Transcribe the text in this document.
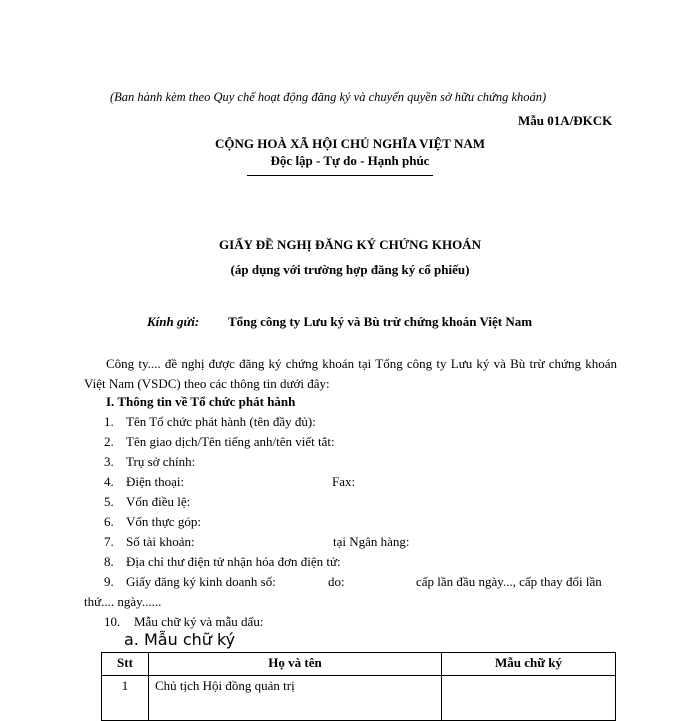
(Ban hành kèm theo Quy chế hoạt động đăng ký và chuyển quyền sở hữu chứng khoán)
Mẫu 01A/ĐKCK
CỘNG HOÀ XÃ HỘI CHỦ NGHĨA VIỆT NAM
Độc lập - Tự do - Hạnh phúc
GIẤY ĐỀ NGHỊ ĐĂNG KÝ CHỨNG KHOÁN
(áp dụng với trường hợp đăng ký cổ phiếu)
Kính gửi: Tổng công ty Lưu ký và Bù trừ chứng khoán Việt Nam
Công ty.... đề nghị được đăng ký chứng khoán tại Tổng công ty Lưu ký và Bù trừ chứng khoán Việt Nam (VSDC) theo các thông tin dưới đây:
I. Thông tin về Tổ chức phát hành
1. Tên Tổ chức phát hành (tên đầy đủ):
2. Tên giao dịch/Tên tiếng anh/tên viết tắt:
3. Trụ sở chính:
4. Điện thoại:	Fax:
5. Vốn điều lệ:
6. Vốn thực góp:
7. Số tài khoản:	tại Ngân hàng:
8. Địa chỉ thư điện tử nhận hóa đơn điện tử:
9. Giấy đăng ký kinh doanh số:	do:	cấp lần đầu ngày..., cấp thay đổi lần
thứ.... ngày......
10. Mẫu chữ ký và mẫu dấu:
a. Mẫu chữ ký
Stt	Họ và tên	Mẫu chữ ký
1	Chủ tịch Hội đồng quản trị	
